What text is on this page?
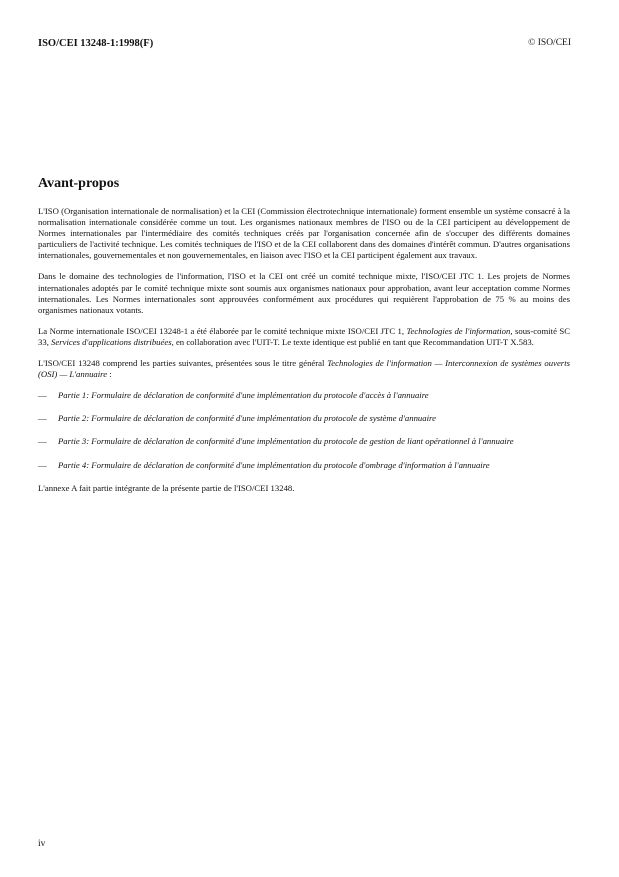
ISO/CEI 13248-1:1998(F)	© ISO/CEI
Avant-propos

L'ISO (Organisation internationale de normalisation) et la CEI (Commission électrotechnique internationale) forment ensemble un système consacré à la normalisation internationale considérée comme un tout. Les organismes nationaux membres de l'ISO ou de la CEI participent au développement de Normes internationales par l'intermédiaire des comités techniques créés par l'organisation concernée afin de s'occuper des différents domaines particuliers de l'activité technique. Les comités techniques de l'ISO et de la CEI collaborent dans des domaines d'intérêt commun. D'autres organisations internationales, gouvernementales et non gouvernementales, en liaison avec l'ISO et la CEI participent également aux travaux.

Dans le domaine des technologies de l'information, l'ISO et la CEI ont créé un comité technique mixte, l'ISO/CEI JTC 1. Les projets de Normes internationales adoptés par le comité technique mixte sont soumis aux organismes nationaux pour approbation, avant leur acceptation comme Normes internationales. Les Normes internationales sont approuvées conformément aux procédures qui requièrent l'approbation de 75 % au moins des organismes nationaux votants.

La Norme internationale ISO/CEI 13248-1 a été élaborée par le comité technique mixte ISO/CEI JTC 1, Technologies de l'information, sous-comité SC 33, Services d'applications distribuées, en collaboration avec l'UIT-T. Le texte identique est publié en tant que Recommandation UIT-T X.583.

L'ISO/CEI 13248 comprend les parties suivantes, présentées sous le titre général Technologies de l'information — Interconnexion de systèmes ouverts (OSI) — L'annuaire :

—	Partie 1: Formulaire de déclaration de conformité d'une implémentation du protocole d'accès à l'annuaire
—	Partie 2: Formulaire de déclaration de conformité d'une implémentation du protocole de système d'annuaire
—	Partie 3: Formulaire de déclaration de conformité d'une implémentation du protocole de gestion de liant opérationnel à l'annuaire
—	Partie 4: Formulaire de déclaration de conformité d'une implémentation du protocole d'ombrage d'information à l'annuaire

L'annexe A fait partie intégrante de la présente partie de l'ISO/CEI 13248.

iv
